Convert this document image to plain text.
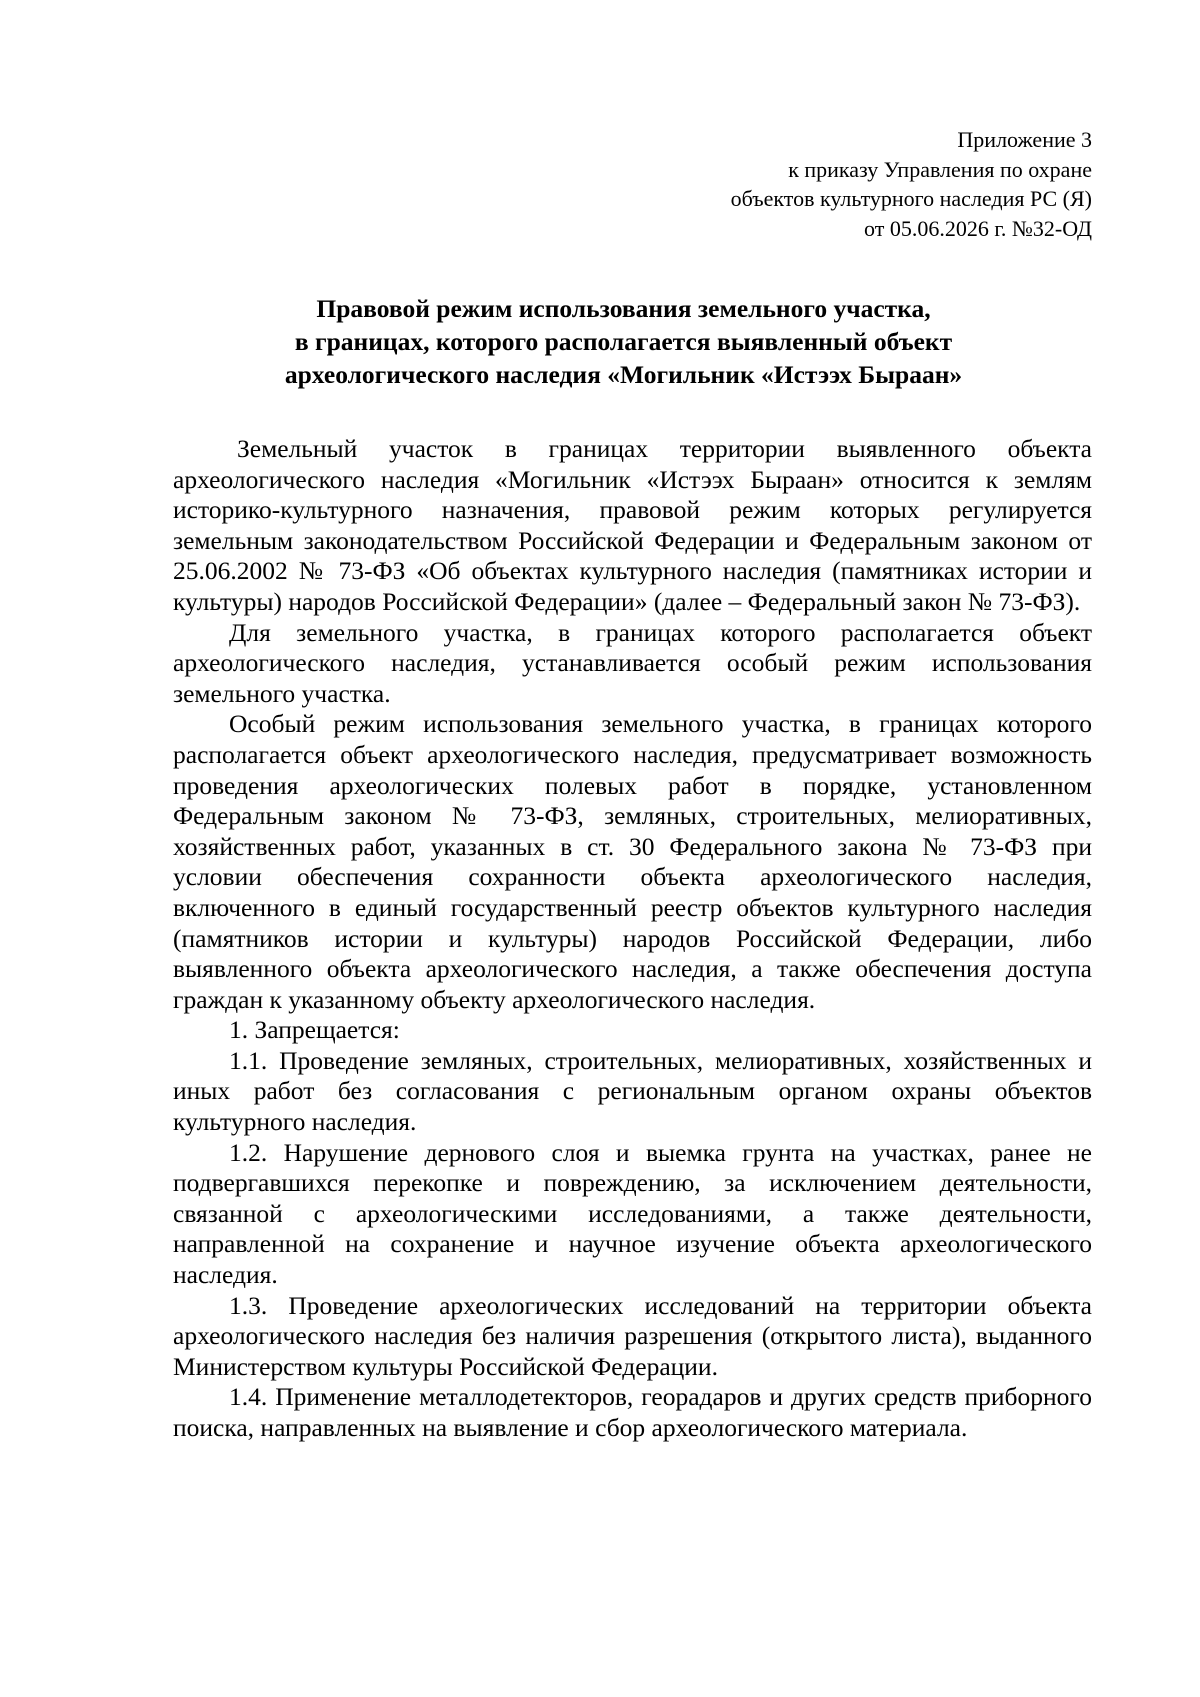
Приложение 3
к приказу Управления по охране
объектов культурного наследия РС (Я)
от 05.06.2026 г. №32-ОД
Правовой режим использования земельного участка,
в границах, которого располагается выявленный объект
археологического наследия «Могильник «Истээх Быраан»

Земельный участок в границах территории выявленного объекта археологического наследия «Могильник «Истээх Быраан» относится к землям историко-культурного назначения, правовой режим которых регулируется земельным законодательством Российской Федерации и Федеральным законом от 25.06.2002 № 73-ФЗ «Об объектах культурного наследия (памятниках истории и культуры) народов Российской Федерации» (далее – Федеральный закон № 73-ФЗ).

Для земельного участка, в границах которого располагается объект археологического наследия, устанавливается особый режим использования земельного участка.

Особый режим использования земельного участка, в границах которого располагается объект археологического наследия, предусматривает возможность проведения археологических полевых работ в порядке, установленном Федеральным законом № 73-ФЗ, земляных, строительных, мелиоративных, хозяйственных работ, указанных в ст. 30 Федерального закона № 73-ФЗ при условии обеспечения сохранности объекта археологического наследия, включенного в единый государственный реестр объектов культурного наследия (памятников истории и культуры) народов Российской Федерации, либо выявленного объекта археологического наследия, а также обеспечения доступа граждан к указанному объекту археологического наследия.

1. Запрещается:

1.1. Проведение земляных, строительных, мелиоративных, хозяйственных и иных работ без согласования с региональным органом охраны объектов культурного наследия.

1.2. Нарушение дернового слоя и выемка грунта на участках, ранее не подвергавшихся перекопке и повреждению, за исключением деятельности, связанной с археологическими исследованиями, а также деятельности, направленной на сохранение и научное изучение объекта археологического наследия.

1.3. Проведение археологических исследований на территории объекта археологического наследия без наличия разрешения (открытого листа), выданного Министерством культуры Российской Федерации.

1.4. Применение металлодетекторов, георадаров и других средств приборного поиска, направленных на выявление и сбор археологического материала.
